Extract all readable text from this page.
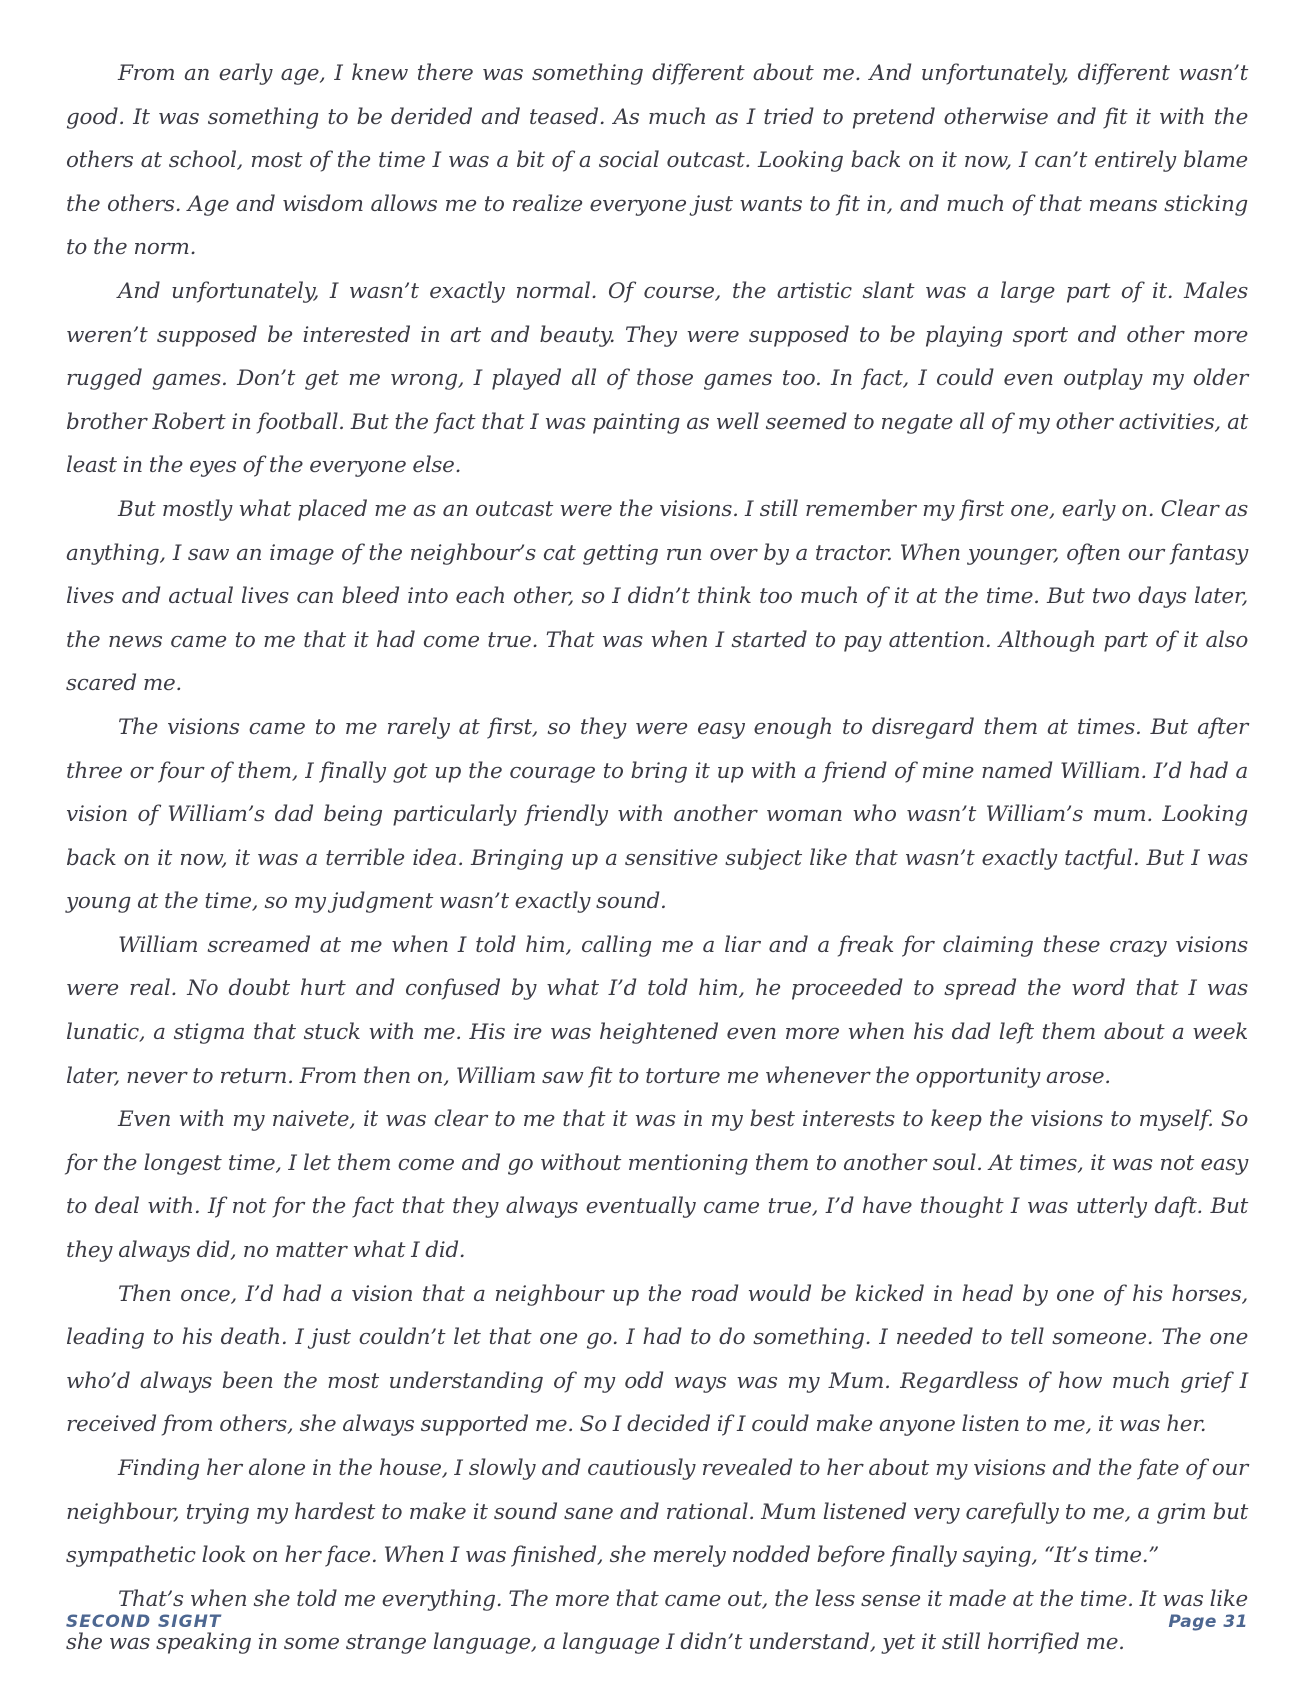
From an early age, I knew there was something different about me. And unfortunately, different wasn’t good. It was something to be derided and teased. As much as I tried to pretend otherwise and fit it with the others at school, most of the time I was a bit of a social outcast. Looking back on it now, I can’t entirely blame the others. Age and wisdom allows me to realize everyone just wants to fit in, and much of that means sticking to the norm.

And unfortunately, I wasn’t exactly normal. Of course, the artistic slant was a large part of it. Males weren’t supposed be interested in art and beauty. They were supposed to be playing sport and other more rugged games. Don’t get me wrong, I played all of those games too. In fact, I could even outplay my older brother Robert in football. But the fact that I was painting as well seemed to negate all of my other activities, at least in the eyes of the everyone else.

But mostly what placed me as an outcast were the visions. I still remember my first one, early on. Clear as anything, I saw an image of the neighbour’s cat getting run over by a tractor. When younger, often our fantasy lives and actual lives can bleed into each other, so I didn’t think too much of it at the time. But two days later, the news came to me that it had come true. That was when I started to pay attention. Although part of it also scared me.

The visions came to me rarely at first, so they were easy enough to disregard them at times. But after three or four of them, I finally got up the courage to bring it up with a friend of mine named William. I’d had a vision of William’s dad being particularly friendly with another woman who wasn’t William’s mum. Looking back on it now, it was a terrible idea. Bringing up a sensitive subject like that wasn’t exactly tactful. But I was young at the time, so my judgment wasn’t exactly sound.

William screamed at me when I told him, calling me a liar and a freak for claiming these crazy visions were real. No doubt hurt and confused by what I’d told him, he proceeded to spread the word that I was lunatic, a stigma that stuck with me. His ire was heightened even more when his dad left them about a week later, never to return. From then on, William saw fit to torture me whenever the opportunity arose.

Even with my naivete, it was clear to me that it was in my best interests to keep the visions to myself. So for the longest time, I let them come and go without mentioning them to another soul. At times, it was not easy to deal with. If not for the fact that they always eventually came true, I’d have thought I was utterly daft. But they always did, no matter what I did.

Then once, I’d had a vision that a neighbour up the road would be kicked in head by one of his horses, leading to his death. I just couldn’t let that one go. I had to do something. I needed to tell someone. The one who’d always been the most understanding of my odd ways was my Mum. Regardless of how much grief I received from others, she always supported me. So I decided if I could make anyone listen to me, it was her.

Finding her alone in the house, I slowly and cautiously revealed to her about my visions and the fate of our neighbour, trying my hardest to make it sound sane and rational. Mum listened very carefully to me, a grim but sympathetic look on her face. When I was finished, she merely nodded before finally saying, “It’s time.”

That’s when she told me everything. The more that came out, the less sense it made at the time. It was like she was speaking in some strange language, a language I didn’t understand, yet it still horrified me.

SECOND SIGHT	Page 31
